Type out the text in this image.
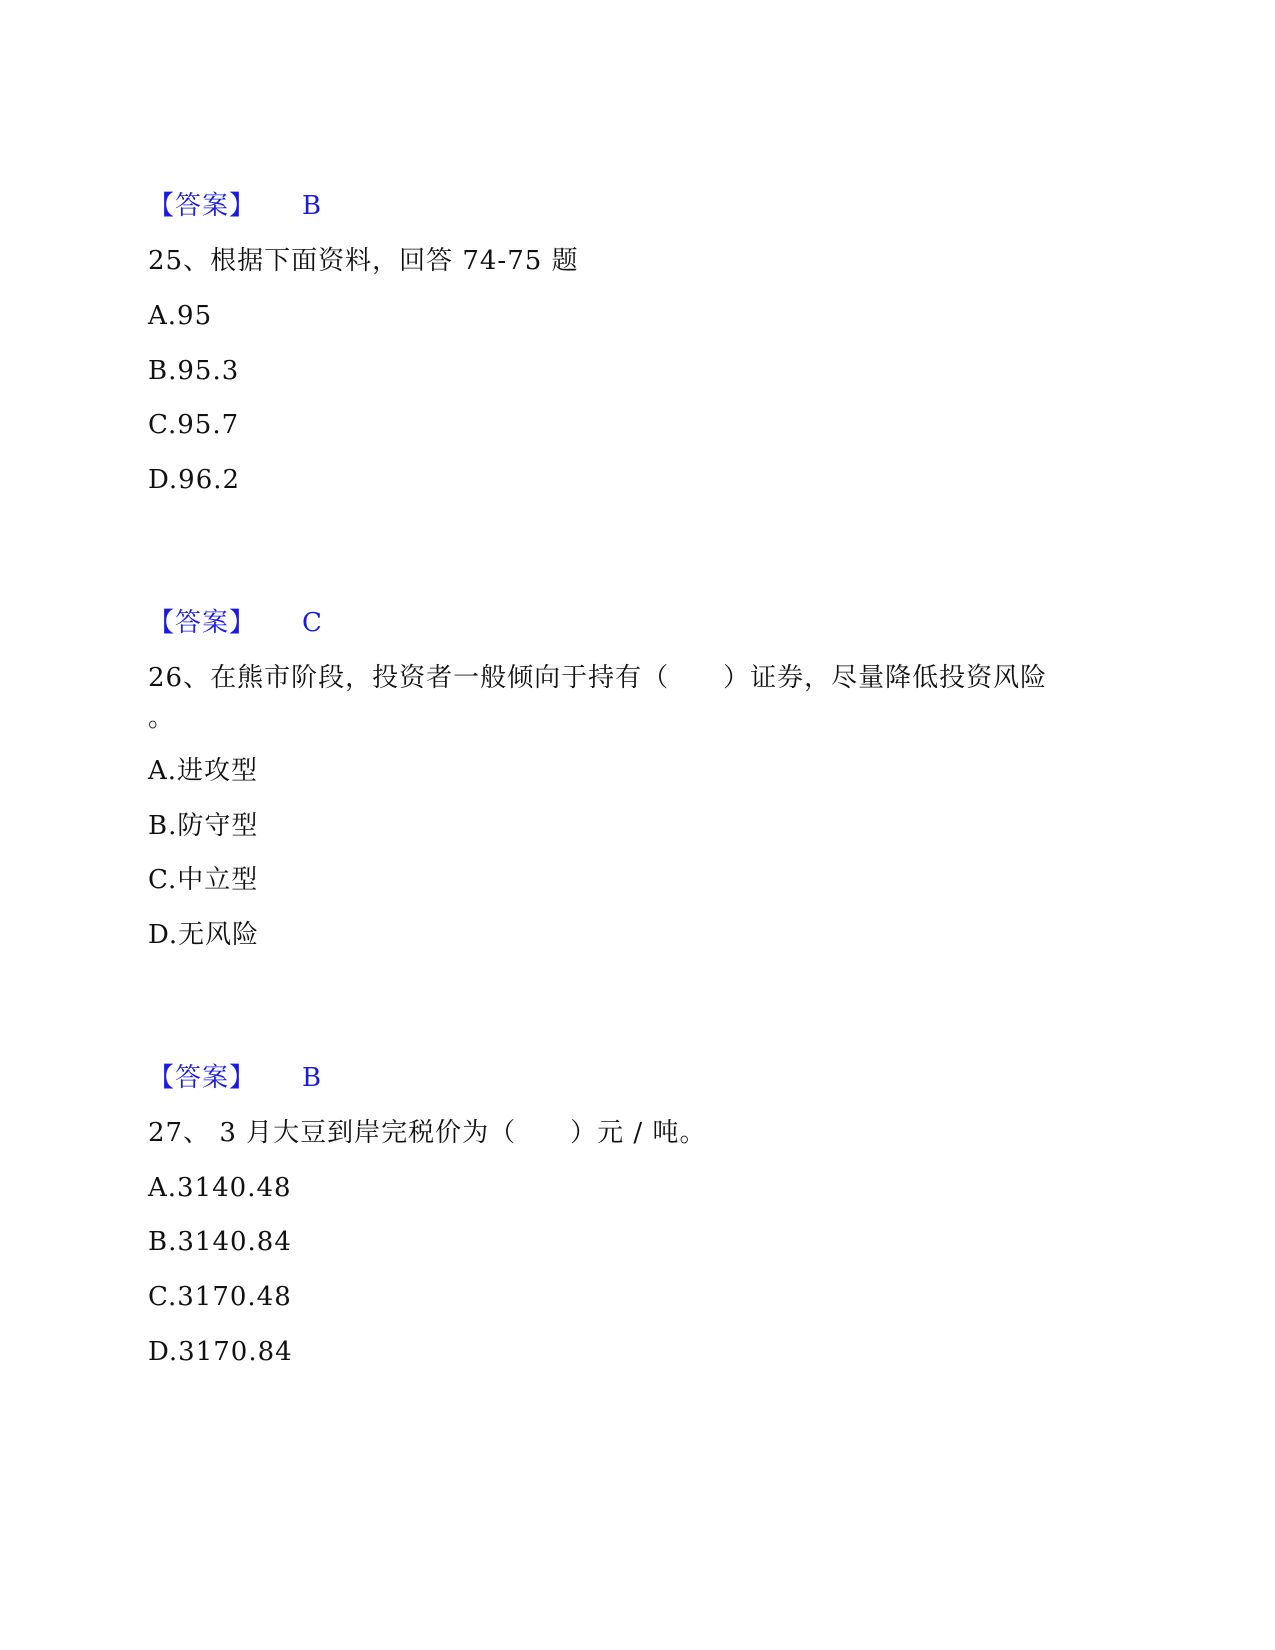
【答案】 B
25、根据下面资料，回答 74-75 题
A.95
B.95.3
C.95.7
D.96.2
【答案】 C
26、在熊市阶段，投资者一般倾向于持有（　　）证券，尽量降低投资风险
。
A.进攻型
B.防守型
C.中立型
D.无风险
【答案】 B
27、 3 月大豆到岸完税价为（　　）元 / 吨。
A.3140.48
B.3140.84
C.3170.48
D.3170.84
